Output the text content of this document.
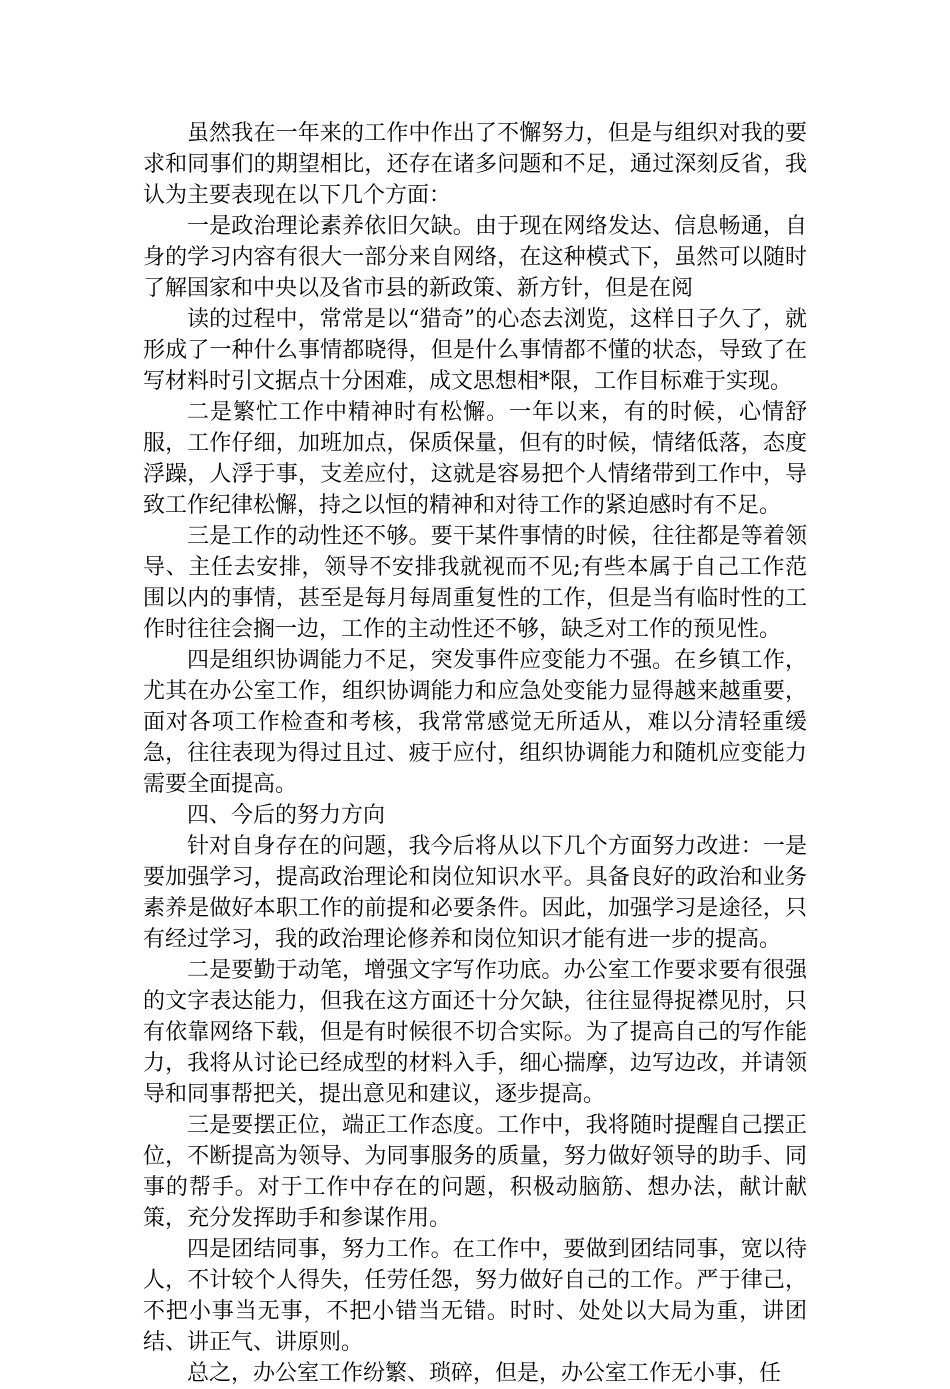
虽然我在一年来的工作中作出了不懈努力，但是与组织对我的要求和同事们的期望相比，还存在诸多问题和不足，通过深刻反省，我认为主要表现在以下几个方面：

一是政治理论素养依旧欠缺。由于现在网络发达、信息畅通，自身的学习内容有很大一部分来自网络，在这种模式下，虽然可以随时了解国家和中央以及省市县的新政策、新方针，但是在阅

读的过程中，常常是以“猎奇”的心态去浏览，这样日子久了，就形成了一种什么事情都晓得，但是什么事情都不懂的状态，导致了在写材料时引文据点十分困难，成文思想相*限，工作目标难于实现。

二是繁忙工作中精神时有松懈。一年以来，有的时候，心情舒服，工作仔细，加班加点，保质保量，但有的时候，情绪低落，态度浮躁，人浮于事，支差应付，这就是容易把个人情绪带到工作中，导致工作纪律松懈，持之以恒的精神和对待工作的紧迫感时有不足。

三是工作的动性还不够。要干某件事情的时候，往往都是等着领导、主任去安排，领导不安排我就视而不见;有些本属于自己工作范围以内的事情，甚至是每月每周重复性的工作，但是当有临时性的工作时往往会搁一边，工作的主动性还不够，缺乏对工作的预见性。

四是组织协调能力不足，突发事件应变能力不强。在乡镇工作，尤其在办公室工作，组织协调能力和应急处变能力显得越来越重要，面对各项工作检查和考核，我常常感觉无所适从，难以分清轻重缓急，往往表现为得过且过、疲于应付，组织协调能力和随机应变能力需要全面提高。

四、今后的努力方向

针对自身存在的问题，我今后将从以下几个方面努力改进：一是要加强学习，提高政治理论和岗位知识水平。具备良好的政治和业务素养是做好本职工作的前提和必要条件。因此，加强学习是途径，只有经过学习，我的政治理论修养和岗位知识才能有进一步的提高。

二是要勤于动笔，增强文字写作功底。办公室工作要求要有很强的文字表达能力，但我在这方面还十分欠缺，往往显得捉襟见肘，只有依靠网络下载，但是有时候很不切合实际。为了提高自己的写作能力，我将从讨论已经成型的材料入手，细心揣摩，边写边改，并请领导和同事帮把关，提出意见和建议，逐步提高。

三是要摆正位，端正工作态度。工作中，我将随时提醒自己摆正位，不断提高为领导、为同事服务的质量，努力做好领导的助手、同事的帮手。对于工作中存在的问题，积极动脑筋、想办法，献计献策，充分发挥助手和参谋作用。

四是团结同事，努力工作。在工作中，要做到团结同事，宽以待人，不计较个人得失，任劳任怨，努力做好自己的工作。严于律己，不把小事当无事，不把小错当无错。时时、处处以大局为重，讲团结、讲正气、讲原则。

总之，办公室工作纷繁、琐碎，但是，办公室工作无小事，任
